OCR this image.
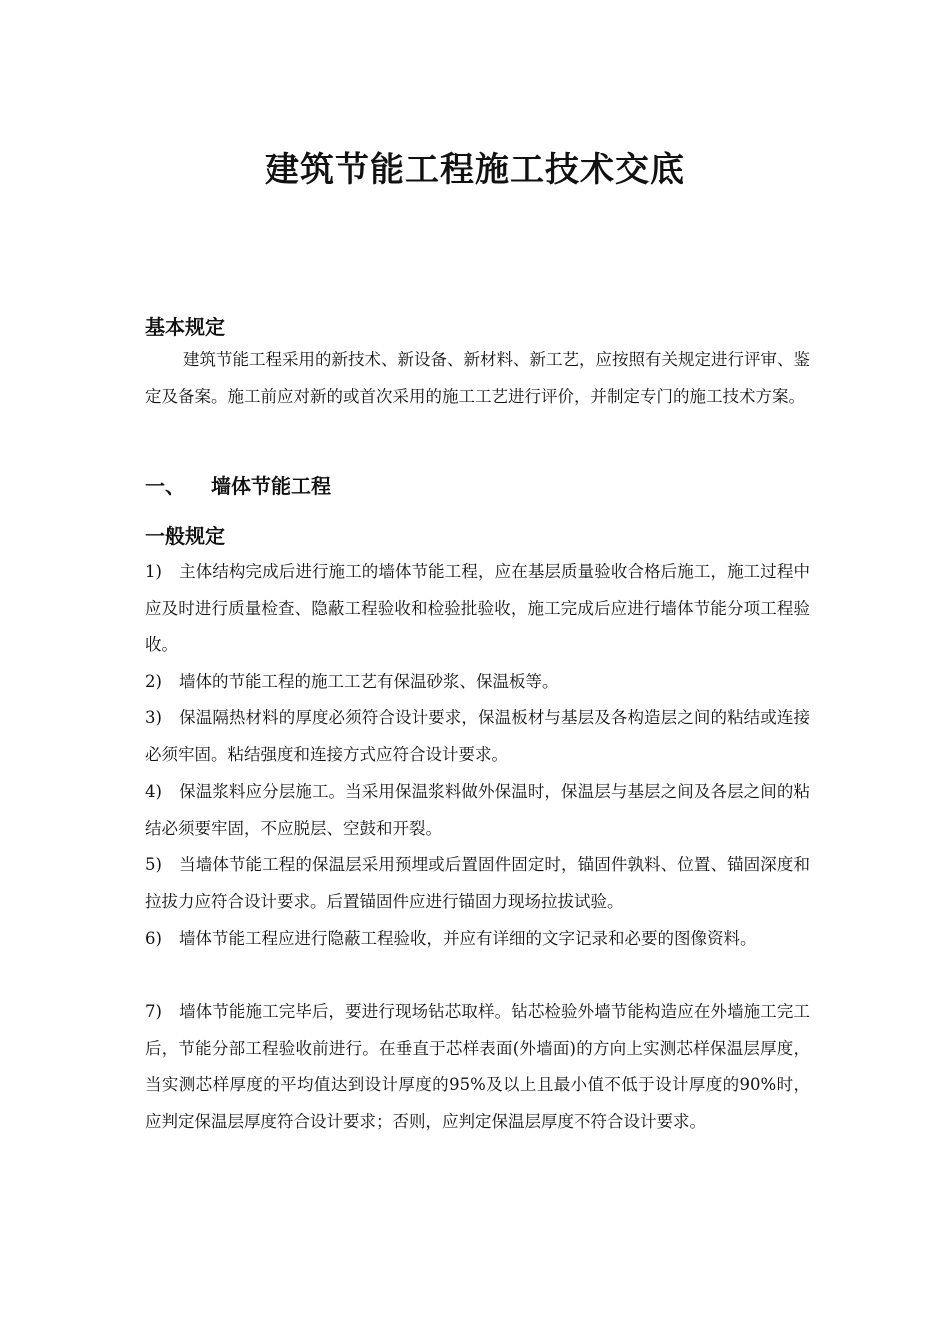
建筑节能工程施工技术交底
基本规定
建筑节能工程采用的新技术、新设备、新材料、新工艺，应按照有关规定进行评审、鉴定及备案。施工前应对新的或首次采用的施工工艺进行评价，并制定专门的施工技术方案。
一、 墙体节能工程
一般规定
1) 主体结构完成后进行施工的墙体节能工程，应在基层质量验收合格后施工，施工过程中应及时进行质量检查、隐蔽工程验收和检验批验收，施工完成后应进行墙体节能分项工程验收。
2) 墙体的节能工程的施工工艺有保温砂浆、保温板等。
3) 保温隔热材料的厚度必须符合设计要求，保温板材与基层及各构造层之间的粘结或连接必须牢固。粘结强度和连接方式应符合设计要求。
4) 保温浆料应分层施工。当采用保温浆料做外保温时，保温层与基层之间及各层之间的粘结必须要牢固，不应脱层、空鼓和开裂。
5) 当墙体节能工程的保温层采用预埋或后置固件固定时，锚固件孰料、位置、锚固深度和拉拔力应符合设计要求。后置锚固件应进行锚固力现场拉拔试验。
6) 墙体节能工程应进行隐蔽工程验收，并应有详细的文字记录和必要的图像资料。
7) 墙体节能施工完毕后，要进行现场钻芯取样。钻芯检验外墙节能构造应在外墙施工完工后，节能分部工程验收前进行。在垂直于芯样表面(外墙面)的方向上实测芯样保温层厚度，当实测芯样厚度的平均值达到设计厚度的95%及以上且最小值不低于设计厚度的90%时，应判定保温层厚度符合设计要求；否则，应判定保温层厚度不符合设计要求。
